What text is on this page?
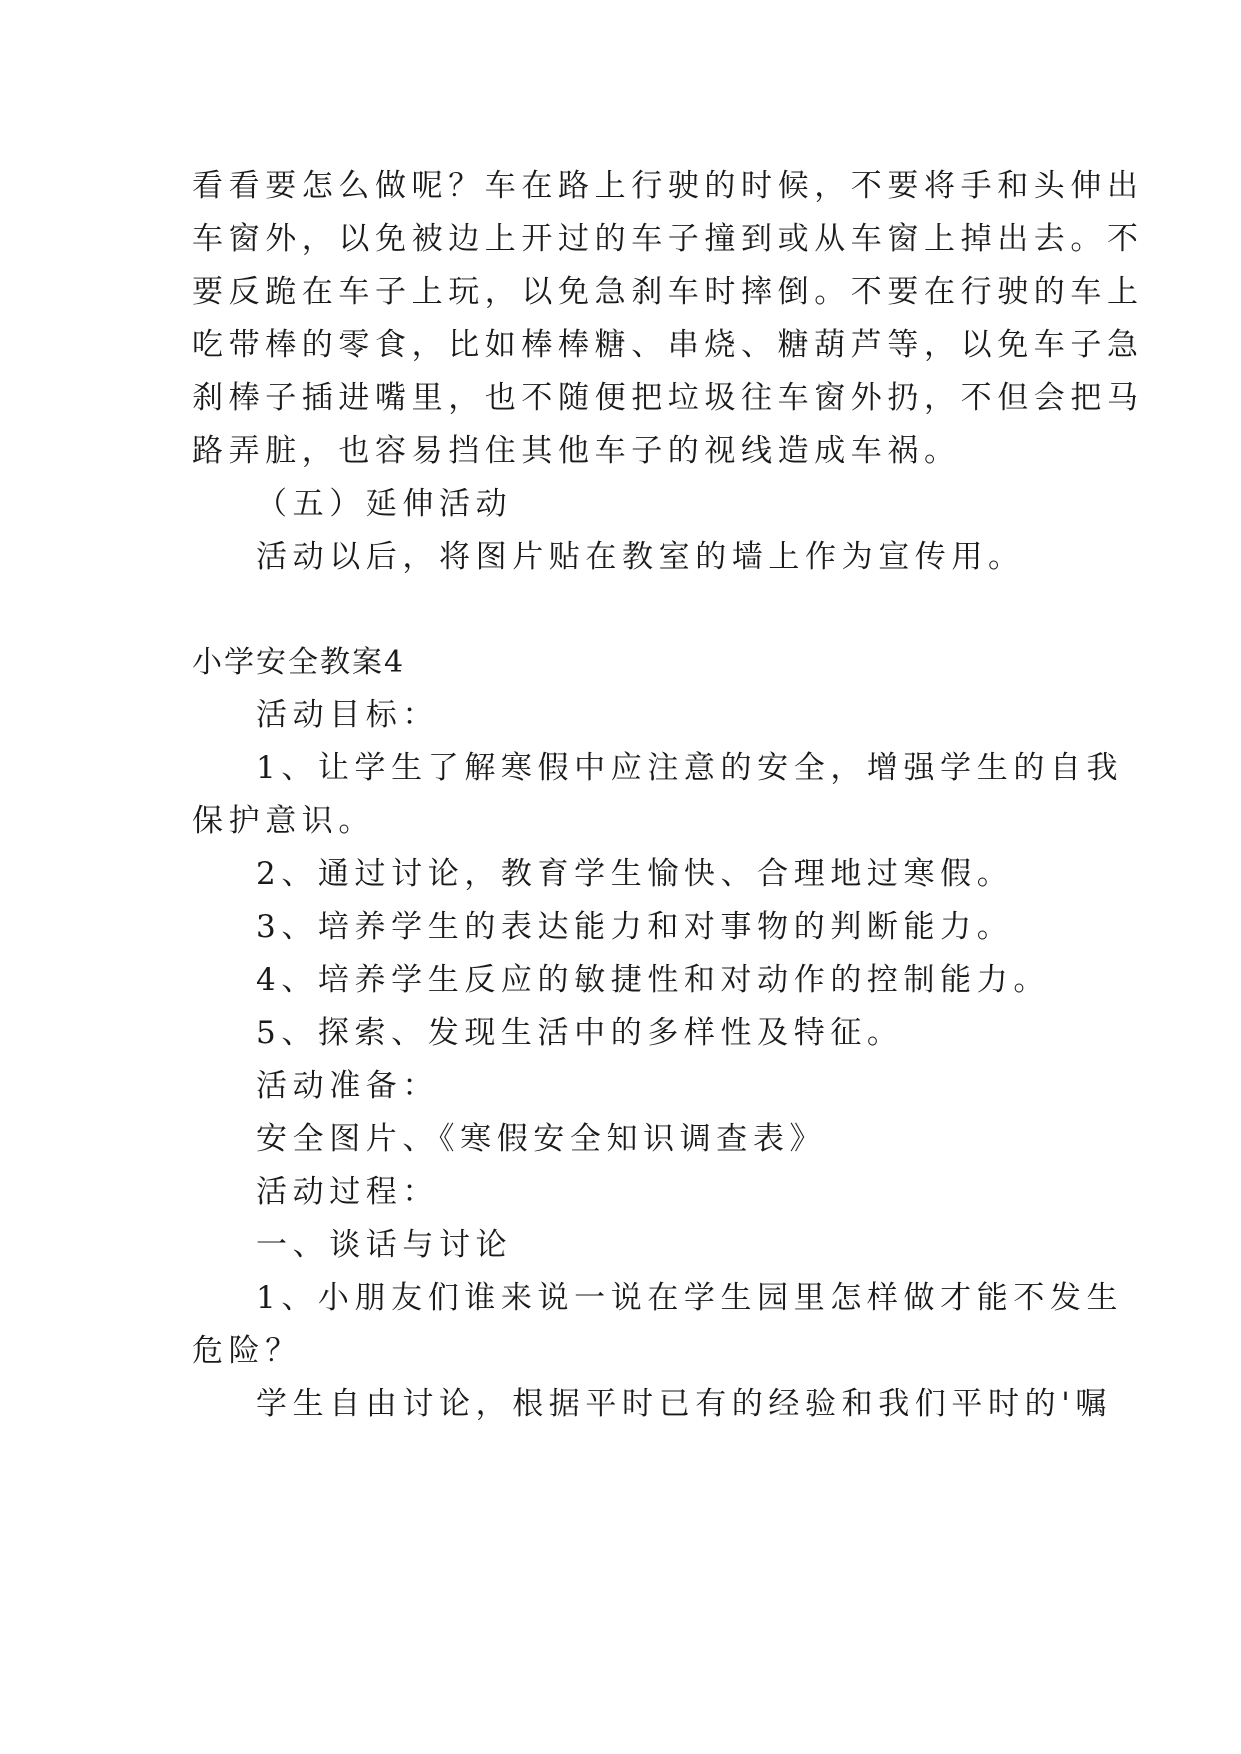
看看要怎么做呢？车在路上行驶的时候，不要将手和头伸出
车窗外，以免被边上开过的车子撞到或从车窗上掉出去。不
要反跪在车子上玩，以免急刹车时摔倒。不要在行驶的车上
吃带棒的零食，比如棒棒糖、串烧、糖葫芦等，以免车子急
刹棒子插进嘴里，也不随便把垃圾往车窗外扔，不但会把马
路弄脏，也容易挡住其他车子的视线造成车祸。
（五）延伸活动
活动以后，将图片贴在教室的墙上作为宣传用。
小学安全教案4
活动目标：
1、让学生了解寒假中应注意的安全，增强学生的自我
保护意识。
2、通过讨论，教育学生愉快、合理地过寒假。
3、培养学生的表达能力和对事物的判断能力。
4、培养学生反应的敏捷性和对动作的控制能力。
5、探索、发现生活中的多样性及特征。
活动准备：
安全图片、《寒假安全知识调查表》
活动过程：
一、谈话与讨论
1、小朋友们谁来说一说在学生园里怎样做才能不发生
危险？
学生自由讨论，根据平时已有的经验和我们平时的'嘱
